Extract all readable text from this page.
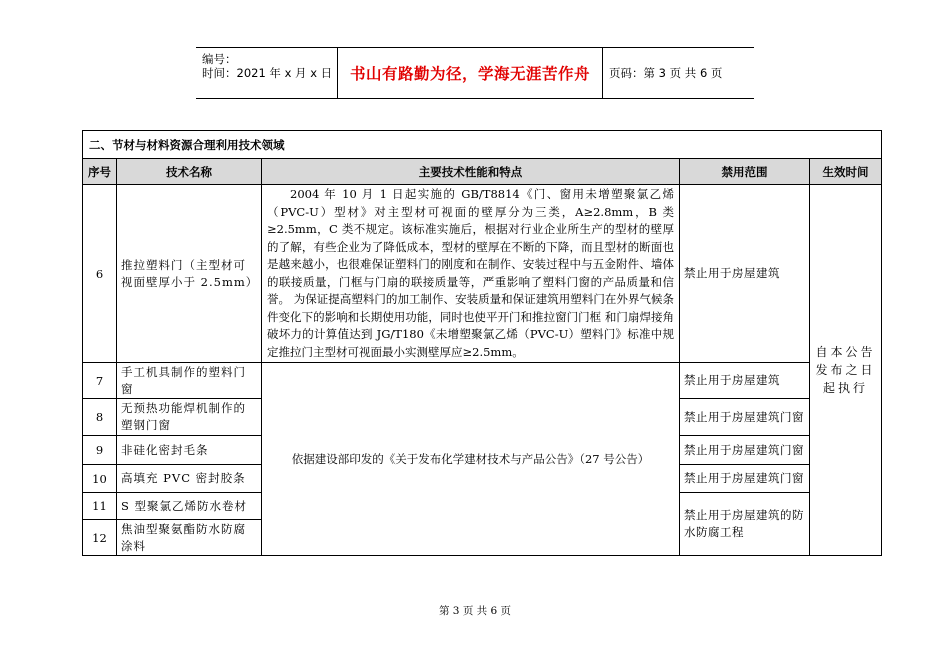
编号：
时间：2021 年 x 月 x 日	书山有路勤为径，学海无涯苦作舟	页码：第 3 页 共 6 页
二、节材与材料资源合理利用技术领域				
序号	技术名称	主要技术性能和特点	禁用范围	生效时间
6	推拉塑料门（主型材可视面壁厚小于 2.5mm）	2004 年 10 月 1 日起实施的 GB/T8814《门、窗用未增塑聚氯乙烯（PVC-U）型材》对主型材可视面的壁厚分为三类，A≥2.8mm，B 类≥2.5mm，C 类不规定。该标准实施后，根据对行业企业所生产的型材的壁厚的了解，有些企业为了降低成本，型材的壁厚在不断的下降，而且型材的断面也是越来越小，也很难保证塑料门的刚度和在制作、安装过程中与五金附件、墙体的联接质量，门框与门扇的联接质量等，严重影响了塑料门窗的产品质量和信誉。 为保证提高塑料门的加工制作、安装质量和保证建筑用塑料门在外界气候条件变化下的影响和长期使用功能，同时也使平开门和推拉窗门门框 和门扇焊接角破坏力的计算值达到 JG/T180《未增塑聚氯乙烯（PVC-U）塑料门》标准中规定推拉门主型材可视面最小实测壁厚应≥2.5mm。	禁止用于房屋建筑	自本公告发布之日起执行
7	手工机具制作的塑料门窗	依据建设部印发的《关于发布化学建材技术与产品公告》（27 号公告）	禁止用于房屋建筑	
8	无预热功能焊机制作的塑钢门窗		禁止用于房屋建筑门窗	
9	非硅化密封毛条		禁止用于房屋建筑门窗	
10	高填充 PVC 密封胶条		禁止用于房屋建筑门窗	
11	S 型聚氯乙烯防水卷材		禁止用于房屋建筑的防水防腐工程	
12	焦油型聚氨酯防水防腐涂料			
第 3 页 共 6 页
